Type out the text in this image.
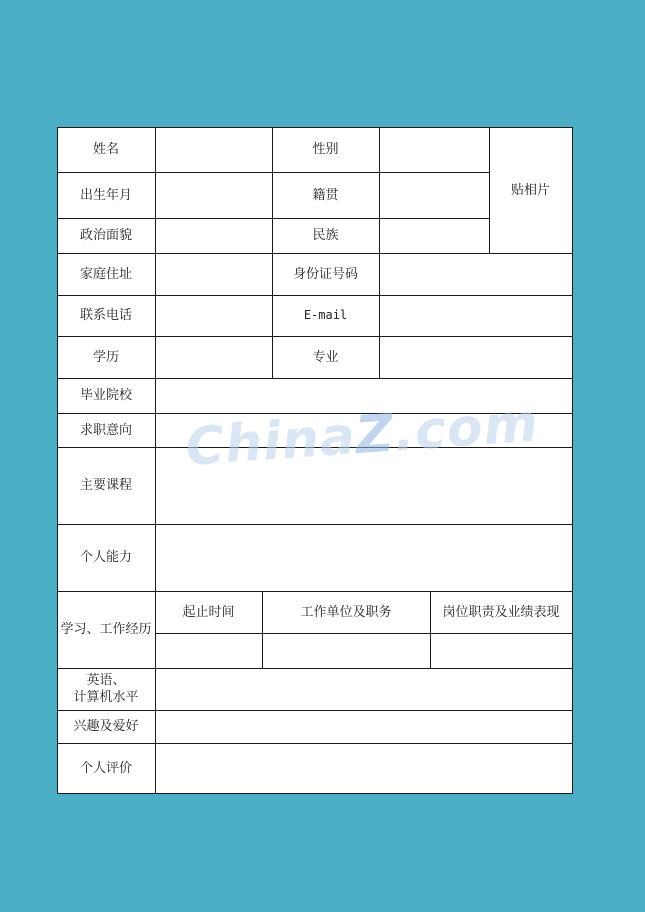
姓名	性别
贴相片
出生年月	籍贯
政治面貌	民族
家庭住址	身份证号码
联系电话	E-mail
学历	专业
毕业院校
求职意向
主要课程
个人能力
学习、工作经历
起止时间	工作单位及职务	岗位职责及业绩表现
英语、
计算机水平
兴趣及爱好
个人评价
ChinaZ.com
